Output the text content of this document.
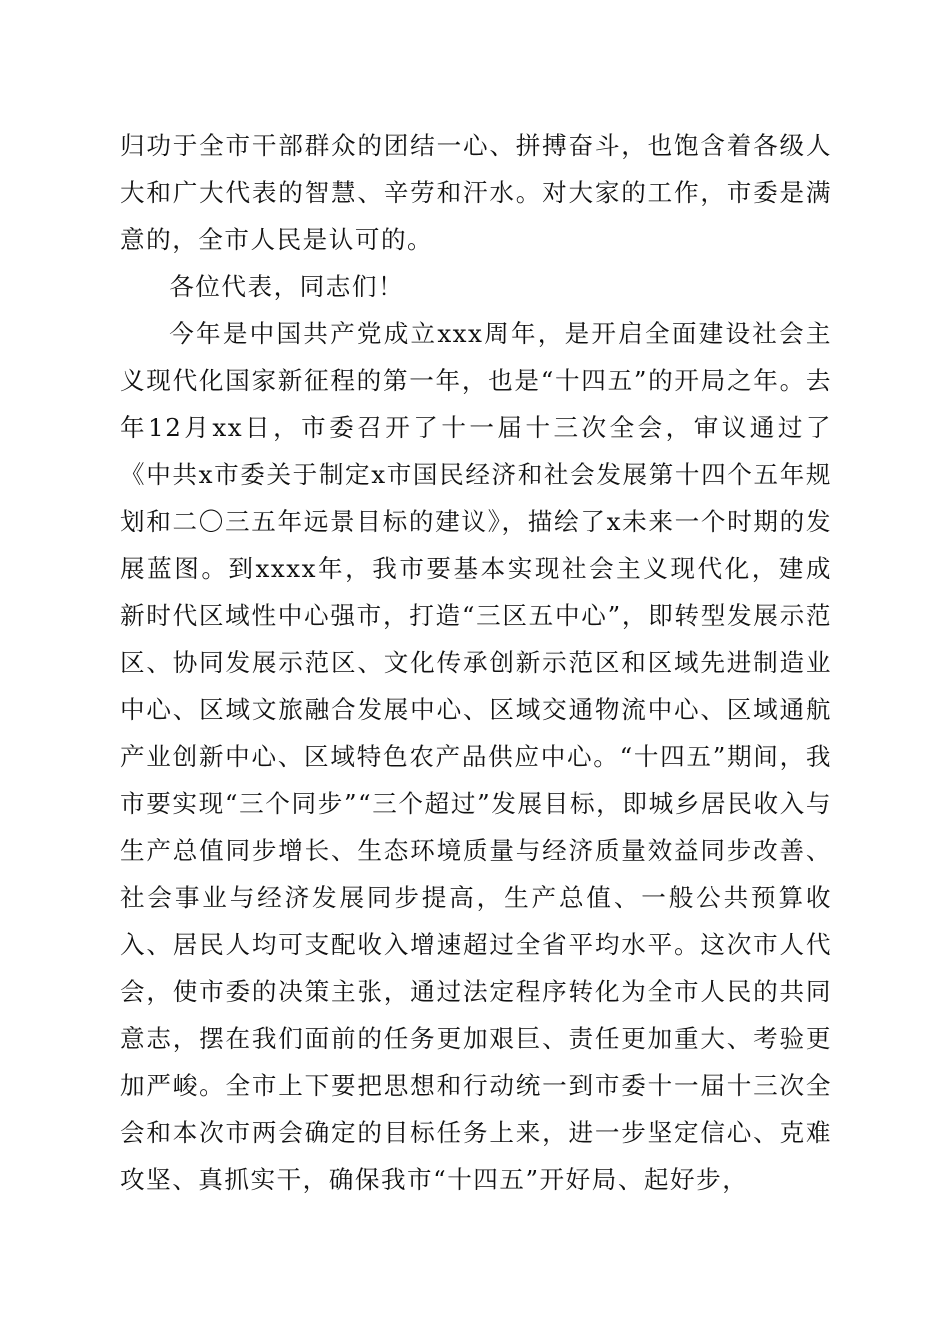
归功于全市干部群众的团结一心、拼搏奋斗，也饱含着各级人大和广大代表的智慧、辛劳和汗水。对大家的工作，市委是满意的，全市人民是认可的。

各位代表，同志们！

今年是中国共产党成立xxx周年，是开启全面建设社会主义现代化国家新征程的第一年，也是“十四五”的开局之年。去年12月xx日，市委召开了十一届十三次全会，审议通过了《中共x市委关于制定x市国民经济和社会发展第十四个五年规划和二〇三五年远景目标的建议》，描绘了x未来一个时期的发展蓝图。到xxxx年，我市要基本实现社会主义现代化，建成新时代区域性中心强市，打造“三区五中心”，即转型发展示范区、协同发展示范区、文化传承创新示范区和区域先进制造业中心、区域文旅融合发展中心、区域交通物流中心、区域通航产业创新中心、区域特色农产品供应中心。“十四五”期间，我市要实现“三个同步”“三个超过”发展目标，即城乡居民收入与生产总值同步增长、生态环境质量与经济质量效益同步改善、社会事业与经济发展同步提高，生产总值、一般公共预算收入、居民人均可支配收入增速超过全省平均水平。这次市人代会，使市委的决策主张，通过法定程序转化为全市人民的共同意志，摆在我们面前的任务更加艰巨、责任更加重大、考验更加严峻。全市上下要把思想和行动统一到市委十一届十三次全会和本次市两会确定的目标任务上来，进一步坚定信心、克难攻坚、真抓实干，确保我市“十四五”开好局、起好步，
